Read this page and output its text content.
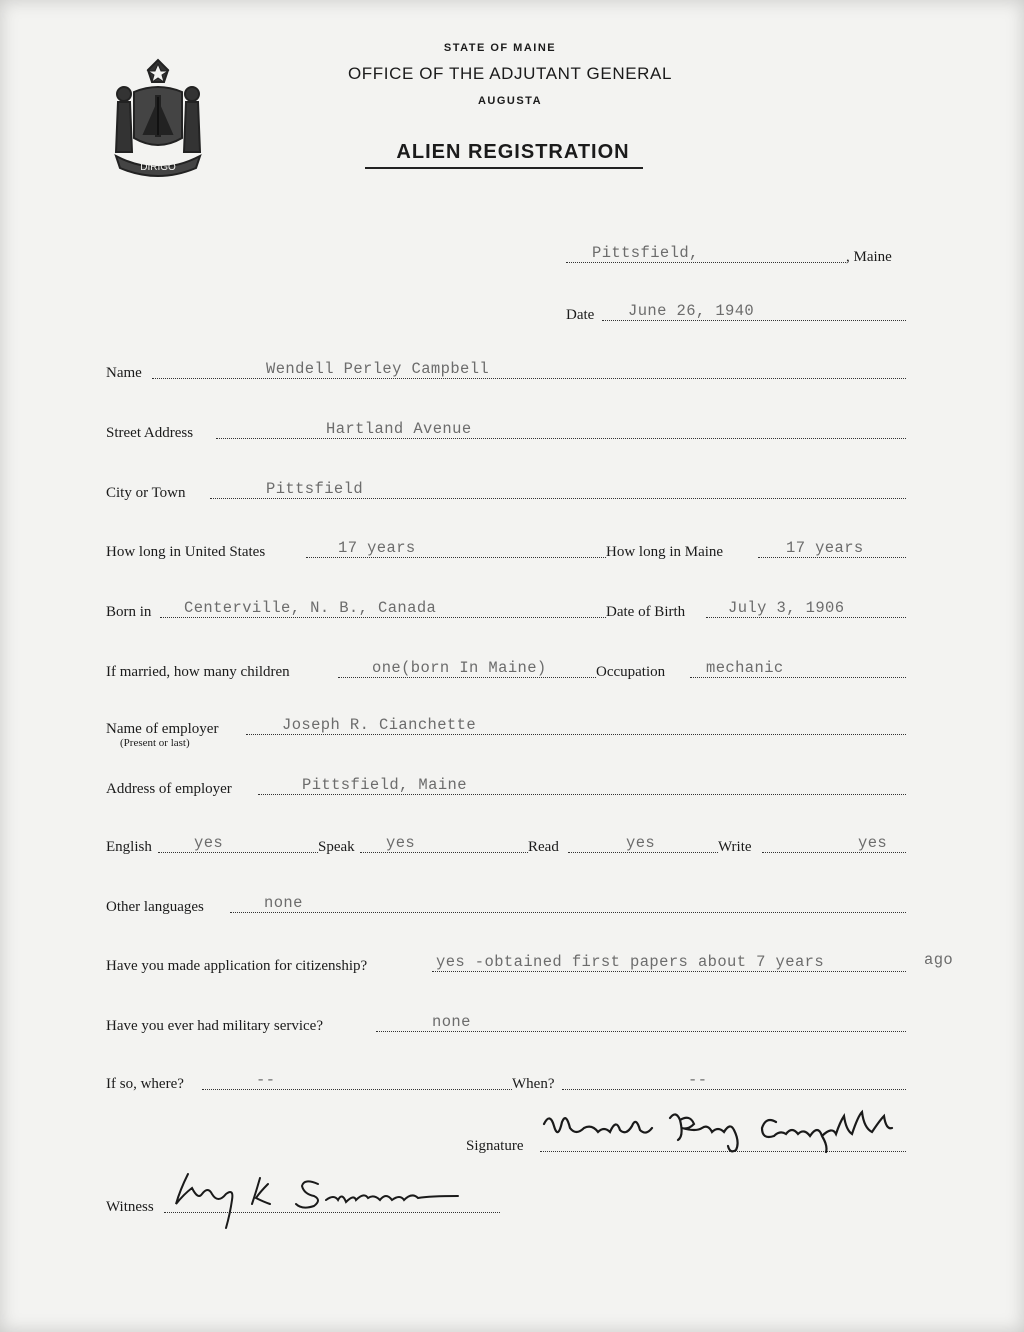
DIRIGO
STATE OF MAINE
OFFICE OF THE ADJUTANT GENERAL
AUGUSTA
ALIEN REGISTRATION
Pittsfield,	, Maine
Date June 26, 1940
Name	Wendell Perley Campbell
Street Address	Hartland Avenue
City or Town	Pittsfield
How long in United States	17 years	How long in Maine	17 years
Born in Centerville, N. B., Canada	Date of Birth	July 3, 1906
If married, how many children	one(born In Maine)	Occupation	mechanic
Name of employer	Joseph R. Cianchette
(Present or last)
Address of employer	Pittsfield, Maine
English	yes	Speak yes	Read	yes	Write	yes
Other languages	none
Have you made application for citizenship?	yes -obtained first papers about 7 years	ago
Have you ever had military service?	none
If so, where?	--	When?	--
Signature
Witness
